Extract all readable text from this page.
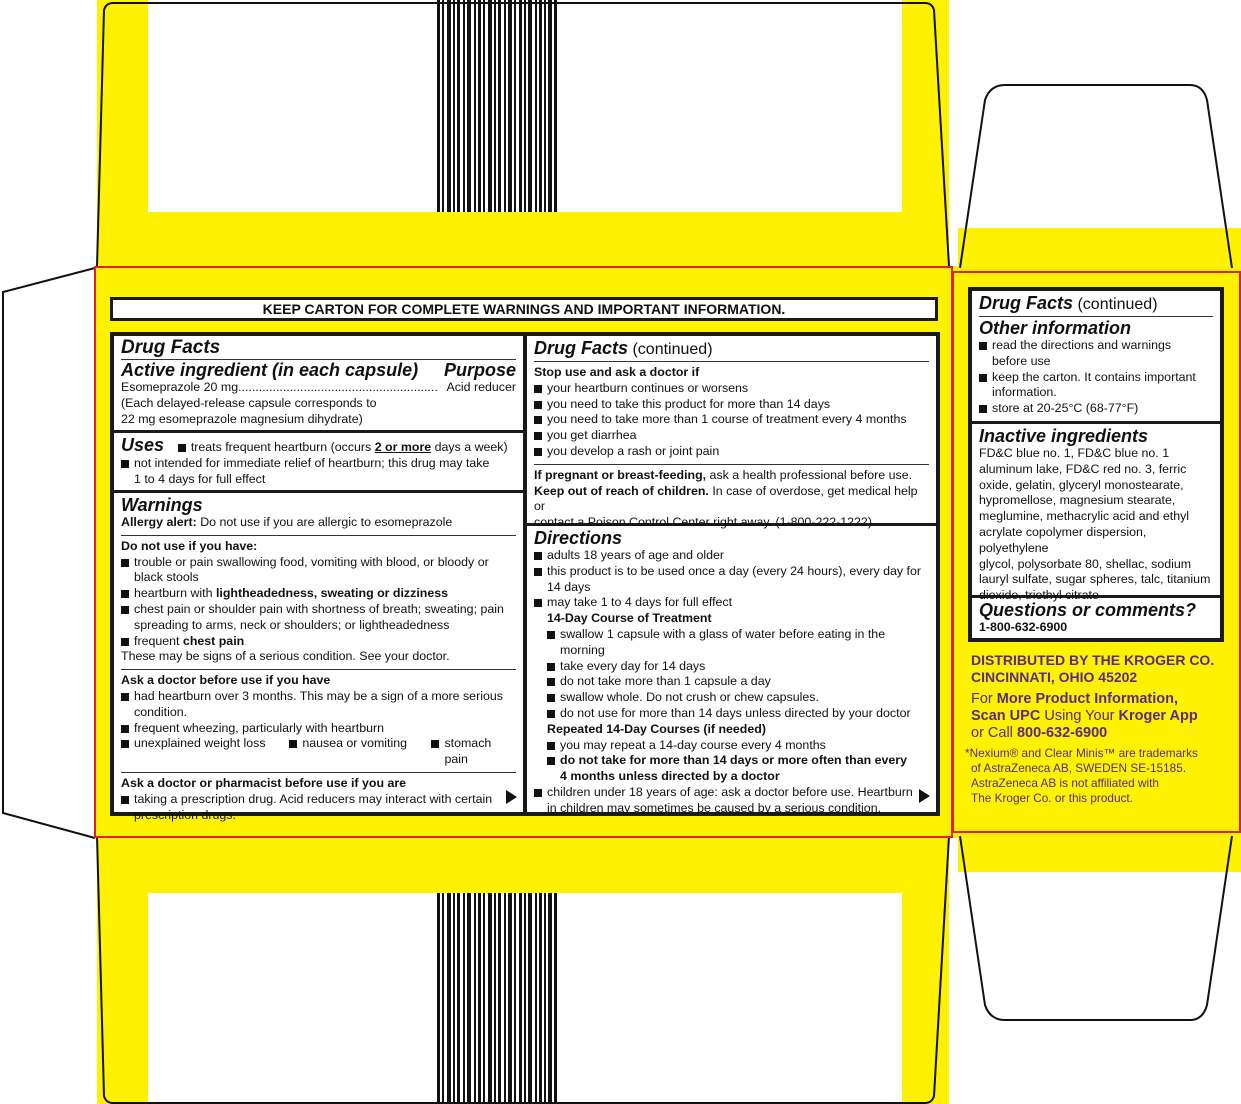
KEEP CARTON FOR COMPLETE WARNINGS AND IMPORTANT INFORMATION.
Drug Facts
Active ingredient (in each capsule) Purpose
Esomeprazole 20 mg .......................................................... Acid reducer
(Each delayed-release capsule corresponds to
22 mg esomeprazole magnesium dihydrate)
Uses treats frequent heartburn (occurs 2 or more days a week)
not intended for immediate relief of heartburn; this drug may take
1 to 4 days for full effect
Warnings
Allergy alert: Do not use if you are allergic to esomeprazole
Do not use if you have:
trouble or pain swallowing food, vomiting with blood, or bloody or
black stools
heartburn with lightheadedness, sweating or dizziness
chest pain or shoulder pain with shortness of breath; sweating; pain
spreading to arms, neck or shoulders; or lightheadedness
frequent chest pain
These may be signs of a serious condition. See your doctor.
Ask a doctor before use if you have
had heartburn over 3 months. This may be a sign of a more serious
condition.
frequent wheezing, particularly with heartburn
unexplained weight loss	nausea or vomiting	stomach pain
Ask a doctor or pharmacist before use if you are
taking a prescription drug. Acid reducers may interact with certain
prescription drugs.
Drug Facts (continued)
Stop use and ask a doctor if
your heartburn continues or worsens
you need to take this product for more than 14 days
you need to take more than 1 course of treatment every 4 months
you get diarrhea
you develop a rash or joint pain
If pregnant or breast-feeding, ask a health professional before use.
Keep out of reach of children. In case of overdose, get medical help or
contact a Poison Control Center right away. (1-800-222-1222)
Directions
adults 18 years of age and older
this product is to be used once a day (every 24 hours), every day for
14 days
may take 1 to 4 days for full effect
14-Day Course of Treatment
swallow 1 capsule with a glass of water before eating in the morning
take every day for 14 days
do not take more than 1 capsule a day
swallow whole. Do not crush or chew capsules.
do not use for more than 14 days unless directed by your doctor
Repeated 14-Day Courses (if needed)
you may repeat a 14-day course every 4 months
do not take for more than 14 days or more often than every
4 months unless directed by a doctor
children under 18 years of age: ask a doctor before use. Heartburn
in children may sometimes be caused by a serious condition.
Drug Facts (continued)
Other information
read the directions and warnings
before use
keep the carton. It contains important
information.
store at 20-25°C (68-77°F)
Inactive ingredients
FD&C blue no. 1, FD&C blue no. 1
aluminum lake, FD&C red no. 3, ferric
oxide, gelatin, glyceryl monostearate,
hypromellose, magnesium stearate,
meglumine, methacrylic acid and ethyl
acrylate copolymer dispersion, polyethylene
glycol, polysorbate 80, shellac, sodium
lauryl sulfate, sugar spheres, talc, titanium
dioxide, triethyl citrate
Questions or comments?
1-800-632-6900
DISTRIBUTED BY THE KROGER CO.
CINCINNATI, OHIO 45202
For More Product Information,
Scan UPC Using Your Kroger App
or Call 800-632-6900
*Nexium® and Clear Minis™ are trademarks
of AstraZeneca AB, SWEDEN SE-15185.
AstraZeneca AB is not affiliated with
The Kroger Co. or this product.
